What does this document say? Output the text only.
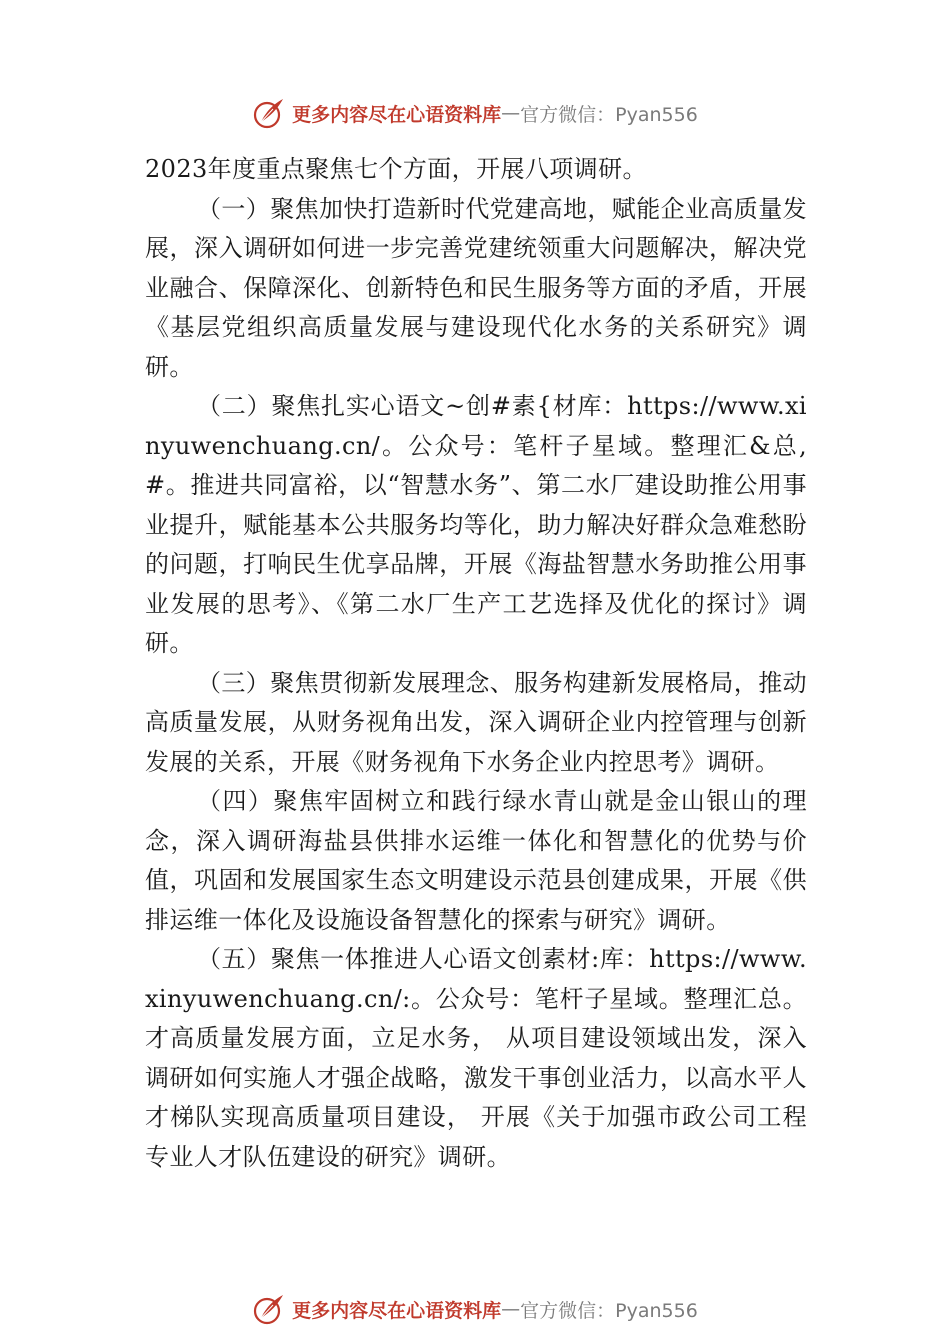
更多内容尽在心语资料库 — 官方微信：Pyan556

2023年度重点聚焦七个方面，开展八项调研。

（一）聚焦加快打造新时代党建高地，赋能企业高质量发展，深入调研如何进一步完善党建统领重大问题解决，解决党业融合、保障深化、创新特色和民生服务等方面的矛盾，开展《基层党组织高质量发展与建设现代化水务的关系研究》调研。

（二）聚焦扎实心语文~创#素{材库：https://www.xinyuwenchuang.cn/。公众号：笔杆子星域。整理汇&总,#。推进共同富裕，以“智慧水务”、第二水厂建设助推公用事业提升，赋能基本公共服务均等化，助力解决好群众急难愁盼的问题，打响民生优享品牌，开展《海盐智慧水务助推公用事业发展的思考》、《第二水厂生产工艺选择及优化的探讨》调研。

（三）聚焦贯彻新发展理念、服务构建新发展格局，推动高质量发展，从财务视角出发，深入调研企业内控管理与创新发展的关系，开展《财务视角下水务企业内控思考》调研。

（四）聚焦牢固树立和践行绿水青山就是金山银山的理念，深入调研海盐县供排水运维一体化和智慧化的优势与价值，巩固和发展国家生态文明建设示范县创建成果，开展《供排运维一体化及设施设备智慧化的探索与研究》调研。

（五）聚焦一体推进人心语文创素材:库：https://www.xinyuwenchuang.cn/:。公众号：笔杆子星域。整理汇总。才高质量发展方面，立足水务， 从项目建设领域出发，深入调研如何实施人才强企战略，激发干事创业活力，以高水平人才梯队实现高质量项目建设， 开展《关于加强市政公司工程专业人才队伍建设的研究》调研。

更多内容尽在心语资料库 — 官方微信：Pyan556
